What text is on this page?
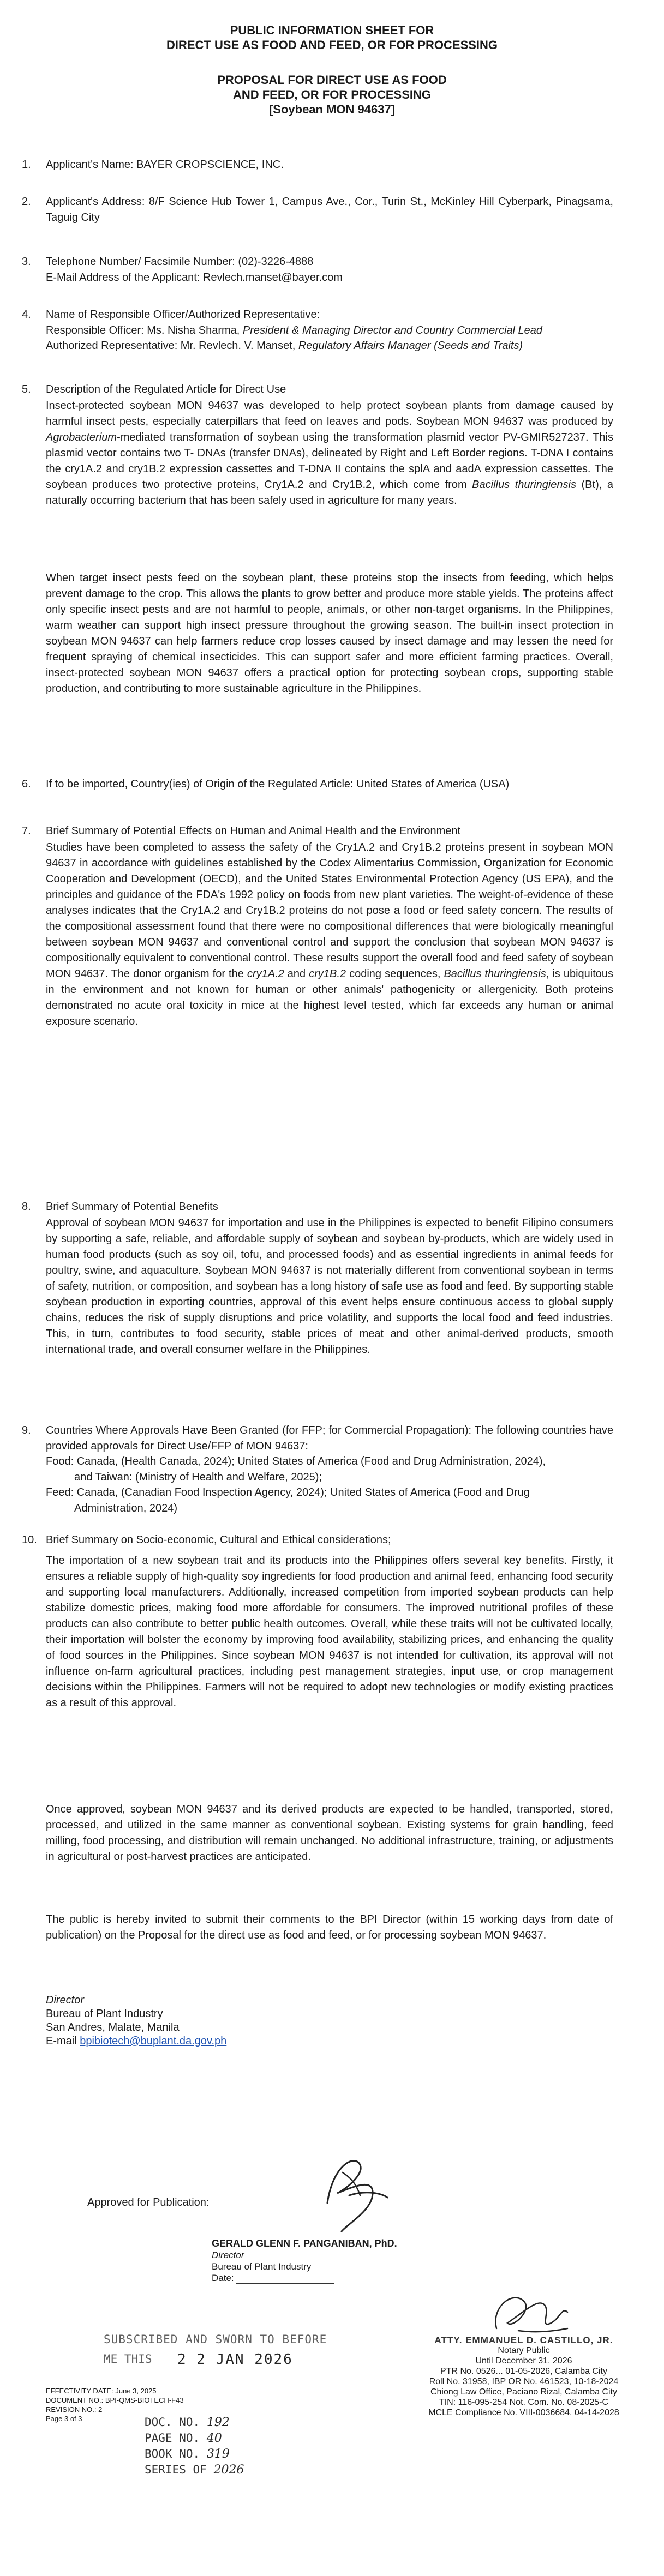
PUBLIC INFORMATION SHEET FOR
DIRECT USE AS FOOD AND FEED, OR FOR PROCESSING
PROPOSAL FOR DIRECT USE AS FOOD
AND FEED, OR FOR PROCESSING
[Soybean MON 94637]
1.	Applicant's Name: BAYER CROPSCIENCE, INC.

2.	Applicant's Address: 8/F Science Hub Tower 1, Campus Ave., Cor., Turin St., McKinley Hill Cyberpark, Pinagsama, Taguig City

3.	Telephone Number/ Facsimile Number: (02)-3226-4888

E-Mail Address of the Applicant: Revlech.manset@bayer.com

4.	Name of Responsible Officer/Authorized Representative:

Responsible Officer: Ms. Nisha Sharma, President & Managing Director and Country Commercial Lead

Authorized Representative: Mr. Revlech. V. Manset, Regulatory Affairs Manager (Seeds and Traits)

5.	Description of the Regulated Article for Direct Use

Insect-protected soybean MON 94637 was developed to help protect soybean plants from damage caused by harmful insect pests, especially caterpillars that feed on leaves and pods. Soybean MON 94637 was produced by Agrobacterium-mediated transformation of soybean using the transformation plasmid vector PV-GMIR527237. This plasmid vector contains two T- DNAs (transfer DNAs), delineated by Right and Left Border regions. T-DNA I contains the cry1A.2 and cry1B.2 expression cassettes and T-DNA II contains the splA and aadA expression cassettes. The soybean produces two protective proteins, Cry1A.2 and Cry1B.2, which come from Bacillus thuringiensis (Bt), a naturally occurring bacterium that has been safely used in agriculture for many years.
When target insect pests feed on the soybean plant, these proteins stop the insects from feeding, which helps prevent damage to the crop. This allows the plants to grow better and produce more stable yields. The proteins affect only specific insect pests and are not harmful to people, animals, or other non-target organisms. In the Philippines, warm weather can support high insect pressure throughout the growing season. The built-in insect protection in soybean MON 94637 can help farmers reduce crop losses caused by insect damage and may lessen the need for frequent spraying of chemical insecticides. This can support safer and more efficient farming practices. Overall, insect-protected soybean MON 94637 offers a practical option for protecting soybean crops, supporting stable production, and contributing to more sustainable agriculture in the Philippines.
6.	If to be imported, Country(ies) of Origin of the Regulated Article: United States of America (USA)

7.	Brief Summary of Potential Effects on Human and Animal Health and the Environment

Studies have been completed to assess the safety of the Cry1A.2 and Cry1B.2 proteins present in soybean MON 94637 in accordance with guidelines established by the Codex Alimentarius Commission, Organization for Economic Cooperation and Development (OECD), and the United States Environmental Protection Agency (US EPA), and the principles and guidance of the FDA's 1992 policy on foods from new plant varieties. The weight-of-evidence of these analyses indicates that the Cry1A.2 and Cry1B.2 proteins do not pose a food or feed safety concern. The results of the compositional assessment found that there were no compositional differences that were biologically meaningful between soybean MON 94637 and conventional control and support the conclusion that soybean MON 94637 is compositionally equivalent to conventional control. These results support the overall food and feed safety of soybean MON 94637. The donor organism for the cry1A.2 and cry1B.2 coding sequences, Bacillus thuringiensis, is ubiquitous in the environment and not known for human or other animals' pathogenicity or allergenicity. Both proteins demonstrated no acute oral toxicity in mice at the highest level tested, which far exceeds any human or animal exposure scenario.
8.	Brief Summary of Potential Benefits

Approval of soybean MON 94637 for importation and use in the Philippines is expected to benefit Filipino consumers by supporting a safe, reliable, and affordable supply of soybean and soybean by-products, which are widely used in human food products (such as soy oil, tofu, and processed foods) and as essential ingredients in animal feeds for poultry, swine, and aquaculture. Soybean MON 94637 is not materially different from conventional soybean in terms of safety, nutrition, or composition, and soybean has a long history of safe use as food and feed. By supporting stable soybean production in exporting countries, approval of this event helps ensure continuous access to global supply chains, reduces the risk of supply disruptions and price volatility, and supports the local food and feed industries. This, in turn, contributes to food security, stable prices of meat and other animal-derived products, smooth international trade, and overall consumer welfare in the Philippines.
9.	Countries Where Approvals Have Been Granted (for FFP; for Commercial Propagation): The following countries have provided approvals for Direct Use/FFP of MON 94637:

Food: Canada, (Health Canada, 2024); United States of America (Food and Drug Administration, 2024),

and Taiwan: (Ministry of Health and Welfare, 2025);

Feed: Canada, (Canadian Food Inspection Agency, 2024); United States of America (Food and Drug

Administration, 2024)

10. Brief Summary on Socio-economic, Cultural and Ethical considerations;

The importation of a new soybean trait and its products into the Philippines offers several key benefits. Firstly, it ensures a reliable supply of high-quality soy ingredients for food production and animal feed, enhancing food security and supporting local manufacturers. Additionally, increased competition from imported soybean products can help stabilize domestic prices, making food more affordable for consumers. The improved nutritional profiles of these products can also contribute to better public health outcomes. Overall, while these traits will not be cultivated locally, their importation will bolster the economy by improving food availability, stabilizing prices, and enhancing the quality of food sources in the Philippines. Since soybean MON 94637 is not intended for cultivation, its approval will not influence on-farm agricultural practices, including pest management strategies, input use, or crop management decisions within the Philippines. Farmers will not be required to adopt new technologies or modify existing practices as a result of this approval.
Once approved, soybean MON 94637 and its derived products are expected to be handled, transported, stored, processed, and utilized in the same manner as conventional soybean. Existing systems for grain handling, feed milling, food processing, and distribution will remain unchanged. No additional infrastructure, training, or adjustments in agricultural or post-harvest practices are anticipated.
The public is hereby invited to submit their comments to the BPI Director (within 15 working days from date of publication) on the Proposal for the direct use as food and feed, or for processing soybean MON 94637.
Director
Bureau of Plant Industry
San Andres, Malate, Manila
E-mail bpibiotech@buplant.da.gov.ph
Approved for Publication:
GERALD GLENN F. PANGANIBAN, PhD.
Director
Bureau of Plant Industry
Date:
SUBSCRIBED AND SWORN TO BEFORE
ME THIS 2 2 JAN 2026
EFFECTIVITY DATE: June 3, 2025
DOCUMENT NO.: BPI-QMS-BIOTECH-F43
REVISION NO.: 2
Page 3 of 3	DOC. NO. 192
PAGE NO. 40
BOOK NO. 319
SERIES OF 2026
ATTY. EMMANUEL D. CASTILLO, JR.
Notary Public
Until December 31, 2026
PTR No. 0526... 01-05-2026, Calamba City
Roll No. 31958, IBP OR No. 461523, 10-18-2024
Chiong Law Office, Paciano Rizal, Calamba City
TIN: 116-095-254 Not. Com. No. 08-2025-C
MCLE Compliance No. VIII-0036684, 04-14-2028
